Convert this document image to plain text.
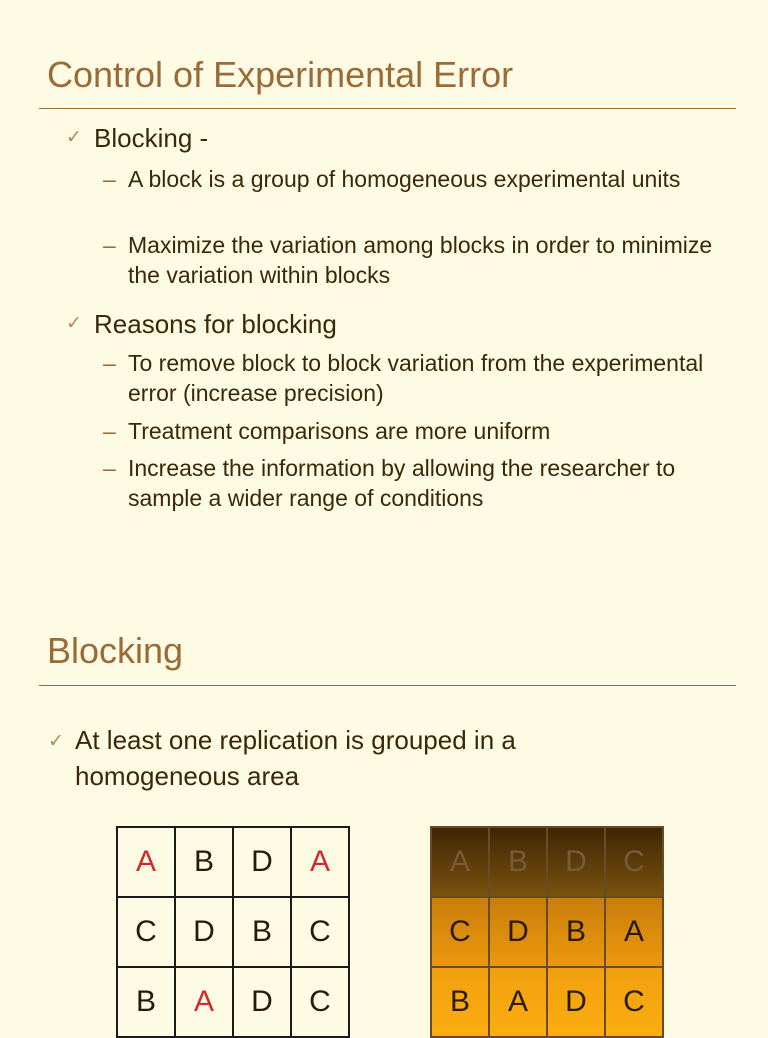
Control of Experimental Error
✓ Blocking -
– A block is a group of homogeneous experimental units
– Maximize the variation among blocks in order to minimize the variation within blocks
✓ Reasons for blocking
– To remove block to block variation from the experimental error (increase precision)
– Treatment comparisons are more uniform
– Increase the information by allowing the researcher to sample a wider range of conditions
Blocking
✓ At least one replication is grouped in a homogeneous area
A	B	D	A
C	D	B	C
B	A	D	C
A	B	D	C
C	D	B	A
B	A	D	C
